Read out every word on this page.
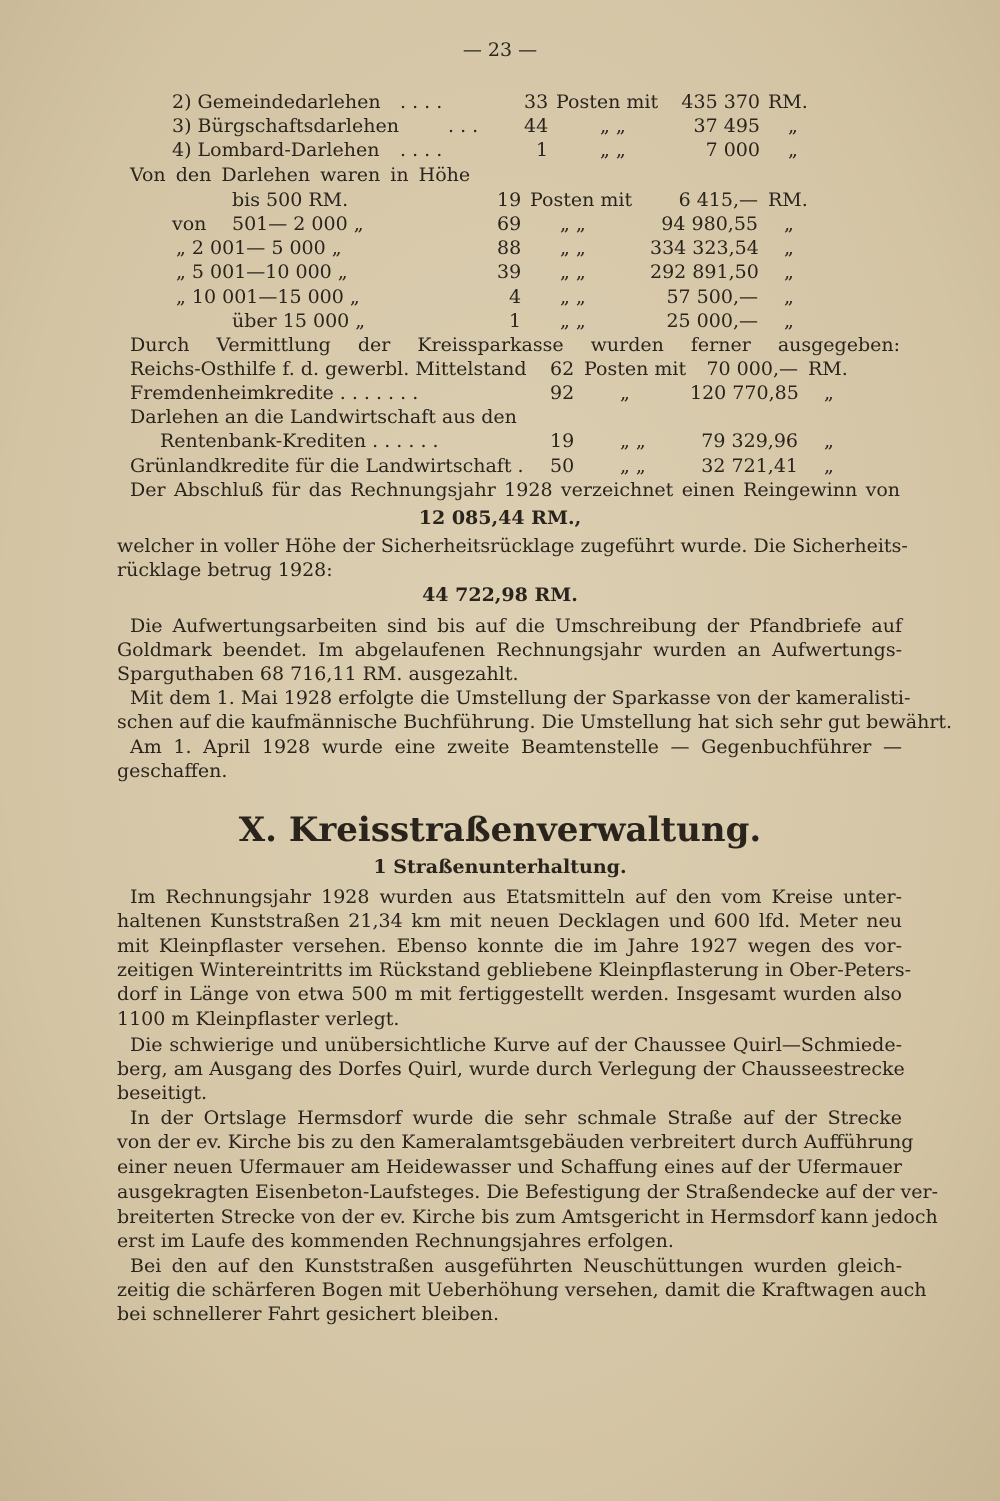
— 23 —
2) Gemeindedarlehen . . . .	33 Posten mit	435 370 RM.
3) Bürgschaftsdarlehen	. . . 44	„ „	37 495 „
4) Lombard-Darlehen . . . .	1	„ „	7 000 „
Von den Darlehen waren in Höhe
bis 500 RM.	19 Posten mit	6 415,— RM.
von 501— 2 000 „	69 „ „	94 980,55 „
„ 2 001— 5 000 „	88 „ „	334 323,54 „
„ 5 001—10 000 „	39 „ „	292 891,50 „
„ 10 001—15 000 „	4 „ „	57 500,— „
über 15 000 „	1 „ „	25 000,— „
Durch Vermittlung der Kreissparkasse wurden ferner ausgegeben:
Reichs-Osthilfe f. d. gewerbl. Mittelstand 62 Posten mit	70 000,— RM.
Fremdenheimkredite . . . . . . .	92 „	120 770,85 „
Darlehen an die Landwirtschaft aus den
Rentenbank-Krediten . . . . . .	19 „ „	79 329,96 „
Grünlandkredite für die Landwirtschaft . 50 „ „	32 721,41 „
Der Abschluß für das Rechnungsjahr 1928 verzeichnet einen Reingewinn von
12 085,44 RM.,
welcher in voller Höhe der Sicherheitsrücklage zugeführt wurde. Die Sicherheits-
rücklage betrug 1928:
44 722,98 RM.
Die Aufwertungsarbeiten sind bis auf die Umschreibung der Pfandbriefe auf
Goldmark beendet. Im abgelaufenen Rechnungsjahr wurden an Aufwertungs-
Sparguthaben 68 716,11 RM. ausgezahlt.
Mit dem 1. Mai 1928 erfolgte die Umstellung der Sparkasse von der kameralisti-
schen auf die kaufmännische Buchführung. Die Umstellung hat sich sehr gut bewährt.
Am 1. April 1928 wurde eine zweite Beamtenstelle — Gegenbuchführer —
geschaffen.
X. Kreisstraßenverwaltung.
1 Straßenunterhaltung.
Im Rechnungsjahr 1928 wurden aus Etatsmitteln auf den vom Kreise unter-
haltenen Kunststraßen 21,34 km mit neuen Decklagen und 600 lfd. Meter neu
mit Kleinpflaster versehen. Ebenso konnte die im Jahre 1927 wegen des vor-
zeitigen Wintereintritts im Rückstand gebliebene Kleinpflasterung in Ober-Peters-
dorf in Länge von etwa 500 m mit fertiggestellt werden. Insgesamt wurden also
1100 m Kleinpflaster verlegt.
Die schwierige und unübersichtliche Kurve auf der Chaussee Quirl—Schmiede-
berg, am Ausgang des Dorfes Quirl, wurde durch Verlegung der Chausseestrecke
beseitigt.
In der Ortslage Hermsdorf wurde die sehr schmale Straße auf der Strecke
von der ev. Kirche bis zu den Kameralamtsgebäuden verbreitert durch Aufführung
einer neuen Ufermauer am Heidewasser und Schaffung eines auf der Ufermauer
ausgekragten Eisenbeton-Laufsteges. Die Befestigung der Straßendecke auf der ver-
breiterten Strecke von der ev. Kirche bis zum Amtsgericht in Hermsdorf kann jedoch
erst im Laufe des kommenden Rechnungsjahres erfolgen.
Bei den auf den Kunststraßen ausgeführten Neuschüttungen wurden gleich-
zeitig die schärferen Bogen mit Ueberhöhung versehen, damit die Kraftwagen auch
bei schnellerer Fahrt gesichert bleiben.
